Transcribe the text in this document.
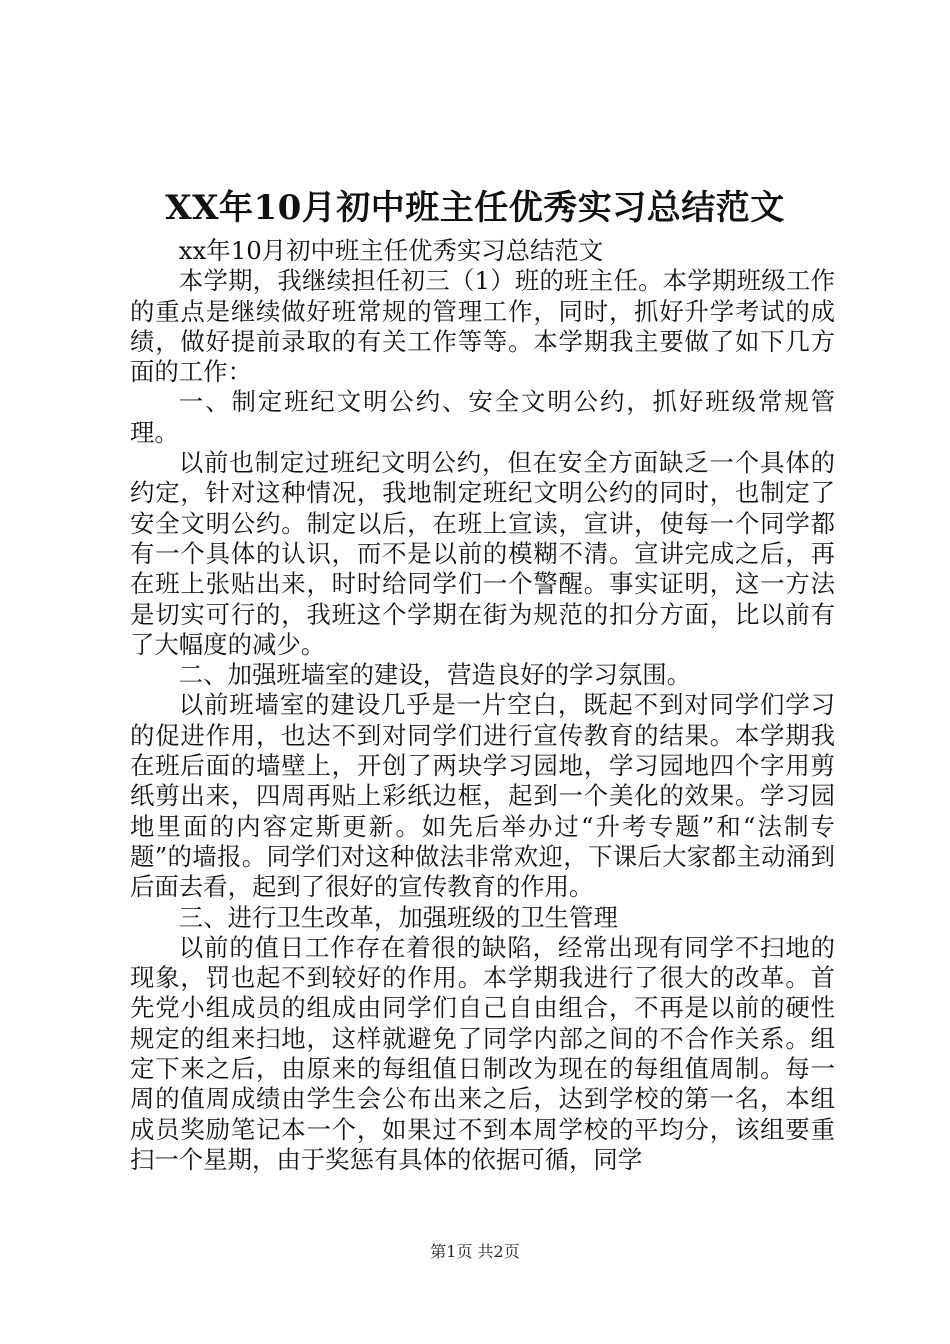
XX年10月初中班主任优秀实习总结范文

xx年10月初中班主任优秀实习总结范文

本学期，我继续担任初三（1）班的班主任。本学期班级工作的重点是继续做好班常规的管理工作，同时，抓好升学考试的成绩，做好提前录取的有关工作等等。本学期我主要做了如下几方面的工作：

一、制定班纪文明公约、安全文明公约，抓好班级常规管理。

以前也制定过班纪文明公约，但在安全方面缺乏一个具体的约定，针对这种情况，我地制定班纪文明公约的同时，也制定了安全文明公约。制定以后，在班上宣读，宣讲，使每一个同学都有一个具体的认识，而不是以前的模糊不清。宣讲完成之后，再在班上张贴出来，时时给同学们一个警醒。事实证明，这一方法是切实可行的，我班这个学期在街为规范的扣分方面，比以前有了大幅度的减少。

二、加强班墙室的建设，营造良好的学习氛围。

以前班墙室的建设几乎是一片空白，既起不到对同学们学习的促进作用，也达不到对同学们进行宣传教育的结果。本学期我在班后面的墙壁上，开创了两块学习园地，学习园地四个字用剪纸剪出来，四周再贴上彩纸边框，起到一个美化的效果。学习园地里面的内容定斯更新。如先后举办过“升考专题”和“法制专题”的墙报。同学们对这种做法非常欢迎，下课后大家都主动涌到后面去看，起到了很好的宣传教育的作用。

三、进行卫生改革，加强班级的卫生管理

以前的值日工作存在着很的缺陷，经常出现有同学不扫地的现象，罚也起不到较好的作用。本学期我进行了很大的改革。首先党小组成员的组成由同学们自己自由组合，不再是以前的硬性规定的组来扫地，这样就避免了同学内部之间的不合作关系。组定下来之后，由原来的每组值日制改为现在的每组值周制。每一周的值周成绩由学生会公布出来之后，达到学校的第一名，本组成员奖励笔记本一个，如果过不到本周学校的平均分，该组要重扫一个星期，由于奖惩有具体的依据可循，同学

第1页 共2页
